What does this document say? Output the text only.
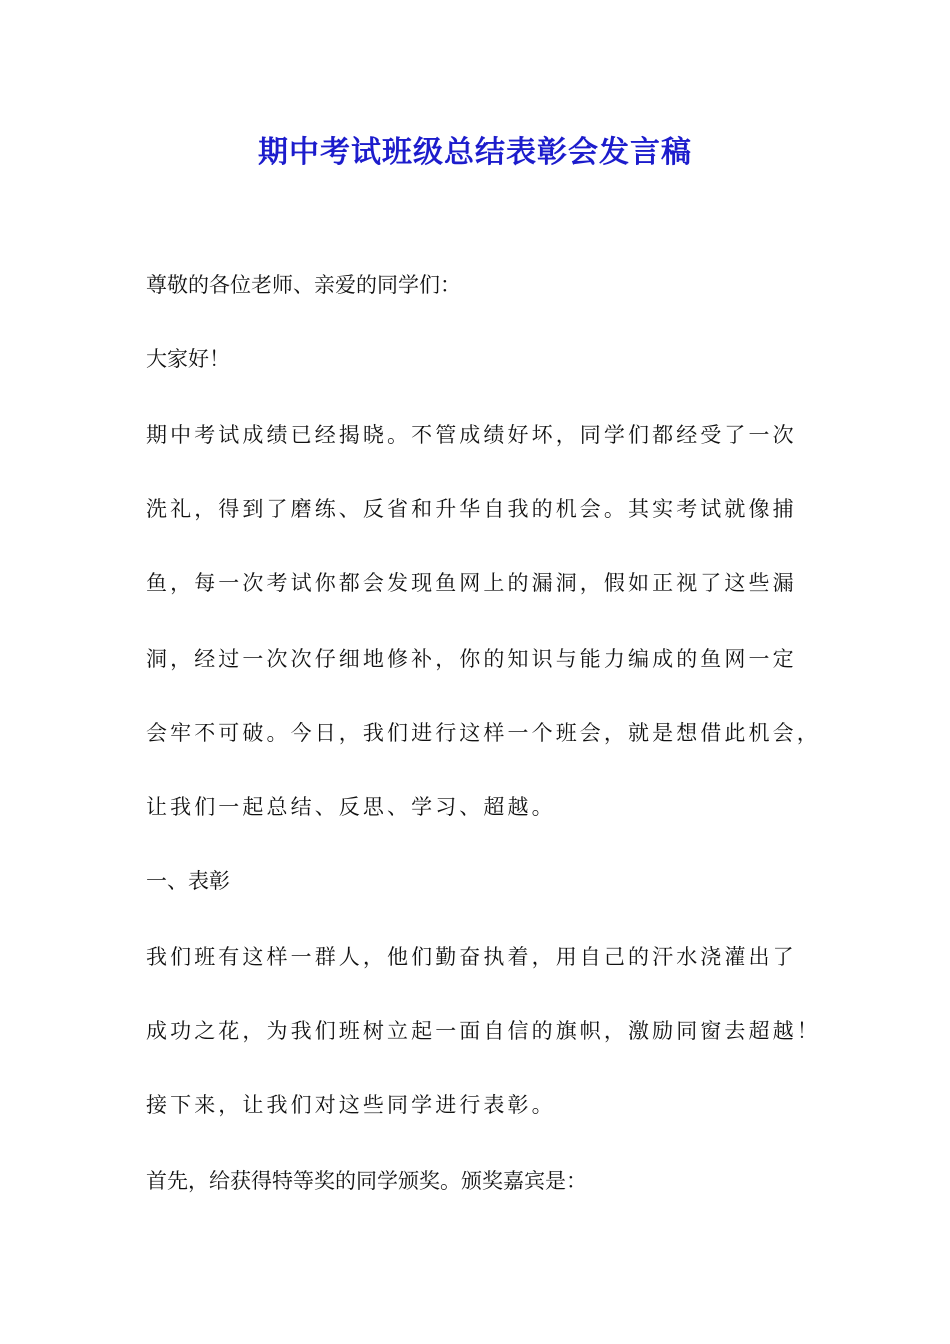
期中考试班级总结表彰会发言稿

尊敬的各位老师、亲爱的同学们：

大家好！

期中考试成绩已经揭晓。不管成绩好坏，同学们都经受了一次

洗礼，得到了磨练、反省和升华自我的机会。其实考试就像捕

鱼，每一次考试你都会发现鱼网上的漏洞，假如正视了这些漏

洞，经过一次次仔细地修补，你的知识与能力编成的鱼网一定

会牢不可破。今日，我们进行这样一个班会，就是想借此机会，

让我们一起总结、反思、学习、超越。

一、表彰

我们班有这样一群人，他们勤奋执着，用自己的汗水浇灌出了

成功之花，为我们班树立起一面自信的旗帜，激励同窗去超越！

接下来，让我们对这些同学进行表彰。

首先，给获得特等奖的同学颁奖。颁奖嘉宾是：
